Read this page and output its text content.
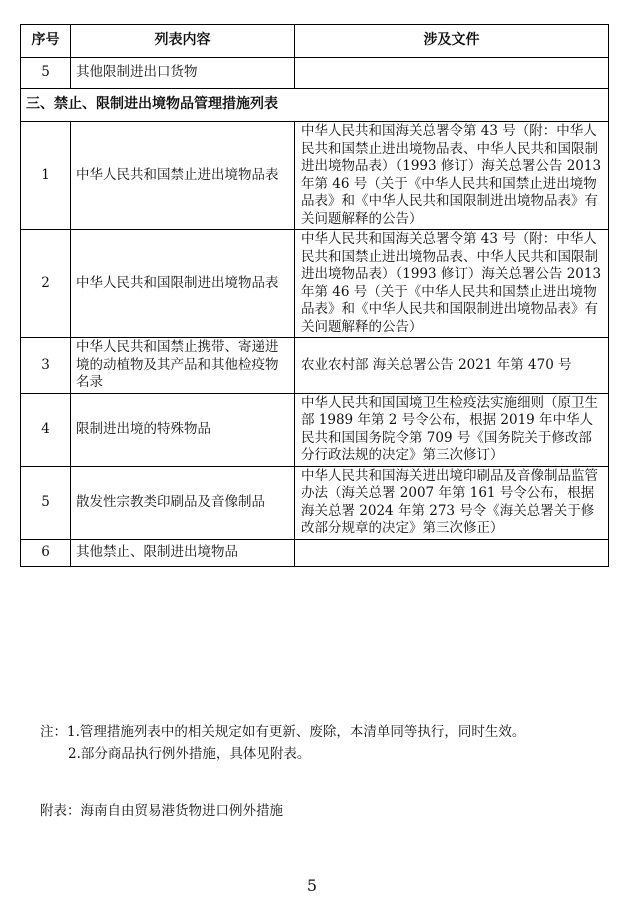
序号	列表内容	涉及文件
5	其他限制进出口货物	
三、禁止、限制进出境物品管理措施列表		
1	中华人民共和国禁止进出境物品表	中华人民共和国海关总署令第 43 号（附：中华人民共和国禁止进出境物品表、中华人民共和国限制进出境物品表）（1993 修订）海关总署公告 2013 年第 46 号（关于《中华人民共和国禁止进出境物品表》和《中华人民共和国限制进出境物品表》有关问题解释的公告）
2	中华人民共和国限制进出境物品表	中华人民共和国海关总署令第 43 号（附：中华人民共和国禁止进出境物品表、中华人民共和国限制进出境物品表）（1993 修订）海关总署公告 2013 年第 46 号（关于《中华人民共和国禁止进出境物品表》和《中华人民共和国限制进出境物品表》有关问题解释的公告）
3	中华人民共和国禁止携带、寄递进境的动植物及其产品和其他检疫物名录	农业农村部 海关总署公告 2021 年第 470 号
4	限制进出境的特殊物品	中华人民共和国国境卫生检疫法实施细则（原卫生部 1989 年第 2 号令公布，根据 2019 年中华人民共和国国务院令第 709 号《国务院关于修改部分行政法规的决定》第三次修订）
5	散发性宗教类印刷品及音像制品	中华人民共和国海关进出境印刷品及音像制品监管办法（海关总署 2007 年第 161 号令公布，根据海关总署 2024 年第 273 号令《海关总署关于修改部分规章的决定》第三次修正）
6	其他禁止、限制进出境物品	
注：1.管理措施列表中的相关规定如有更新、废除，本清单同等执行，同时生效。
2.部分商品执行例外措施，具体见附表。
附表：海南自由贸易港货物进口例外措施
5
